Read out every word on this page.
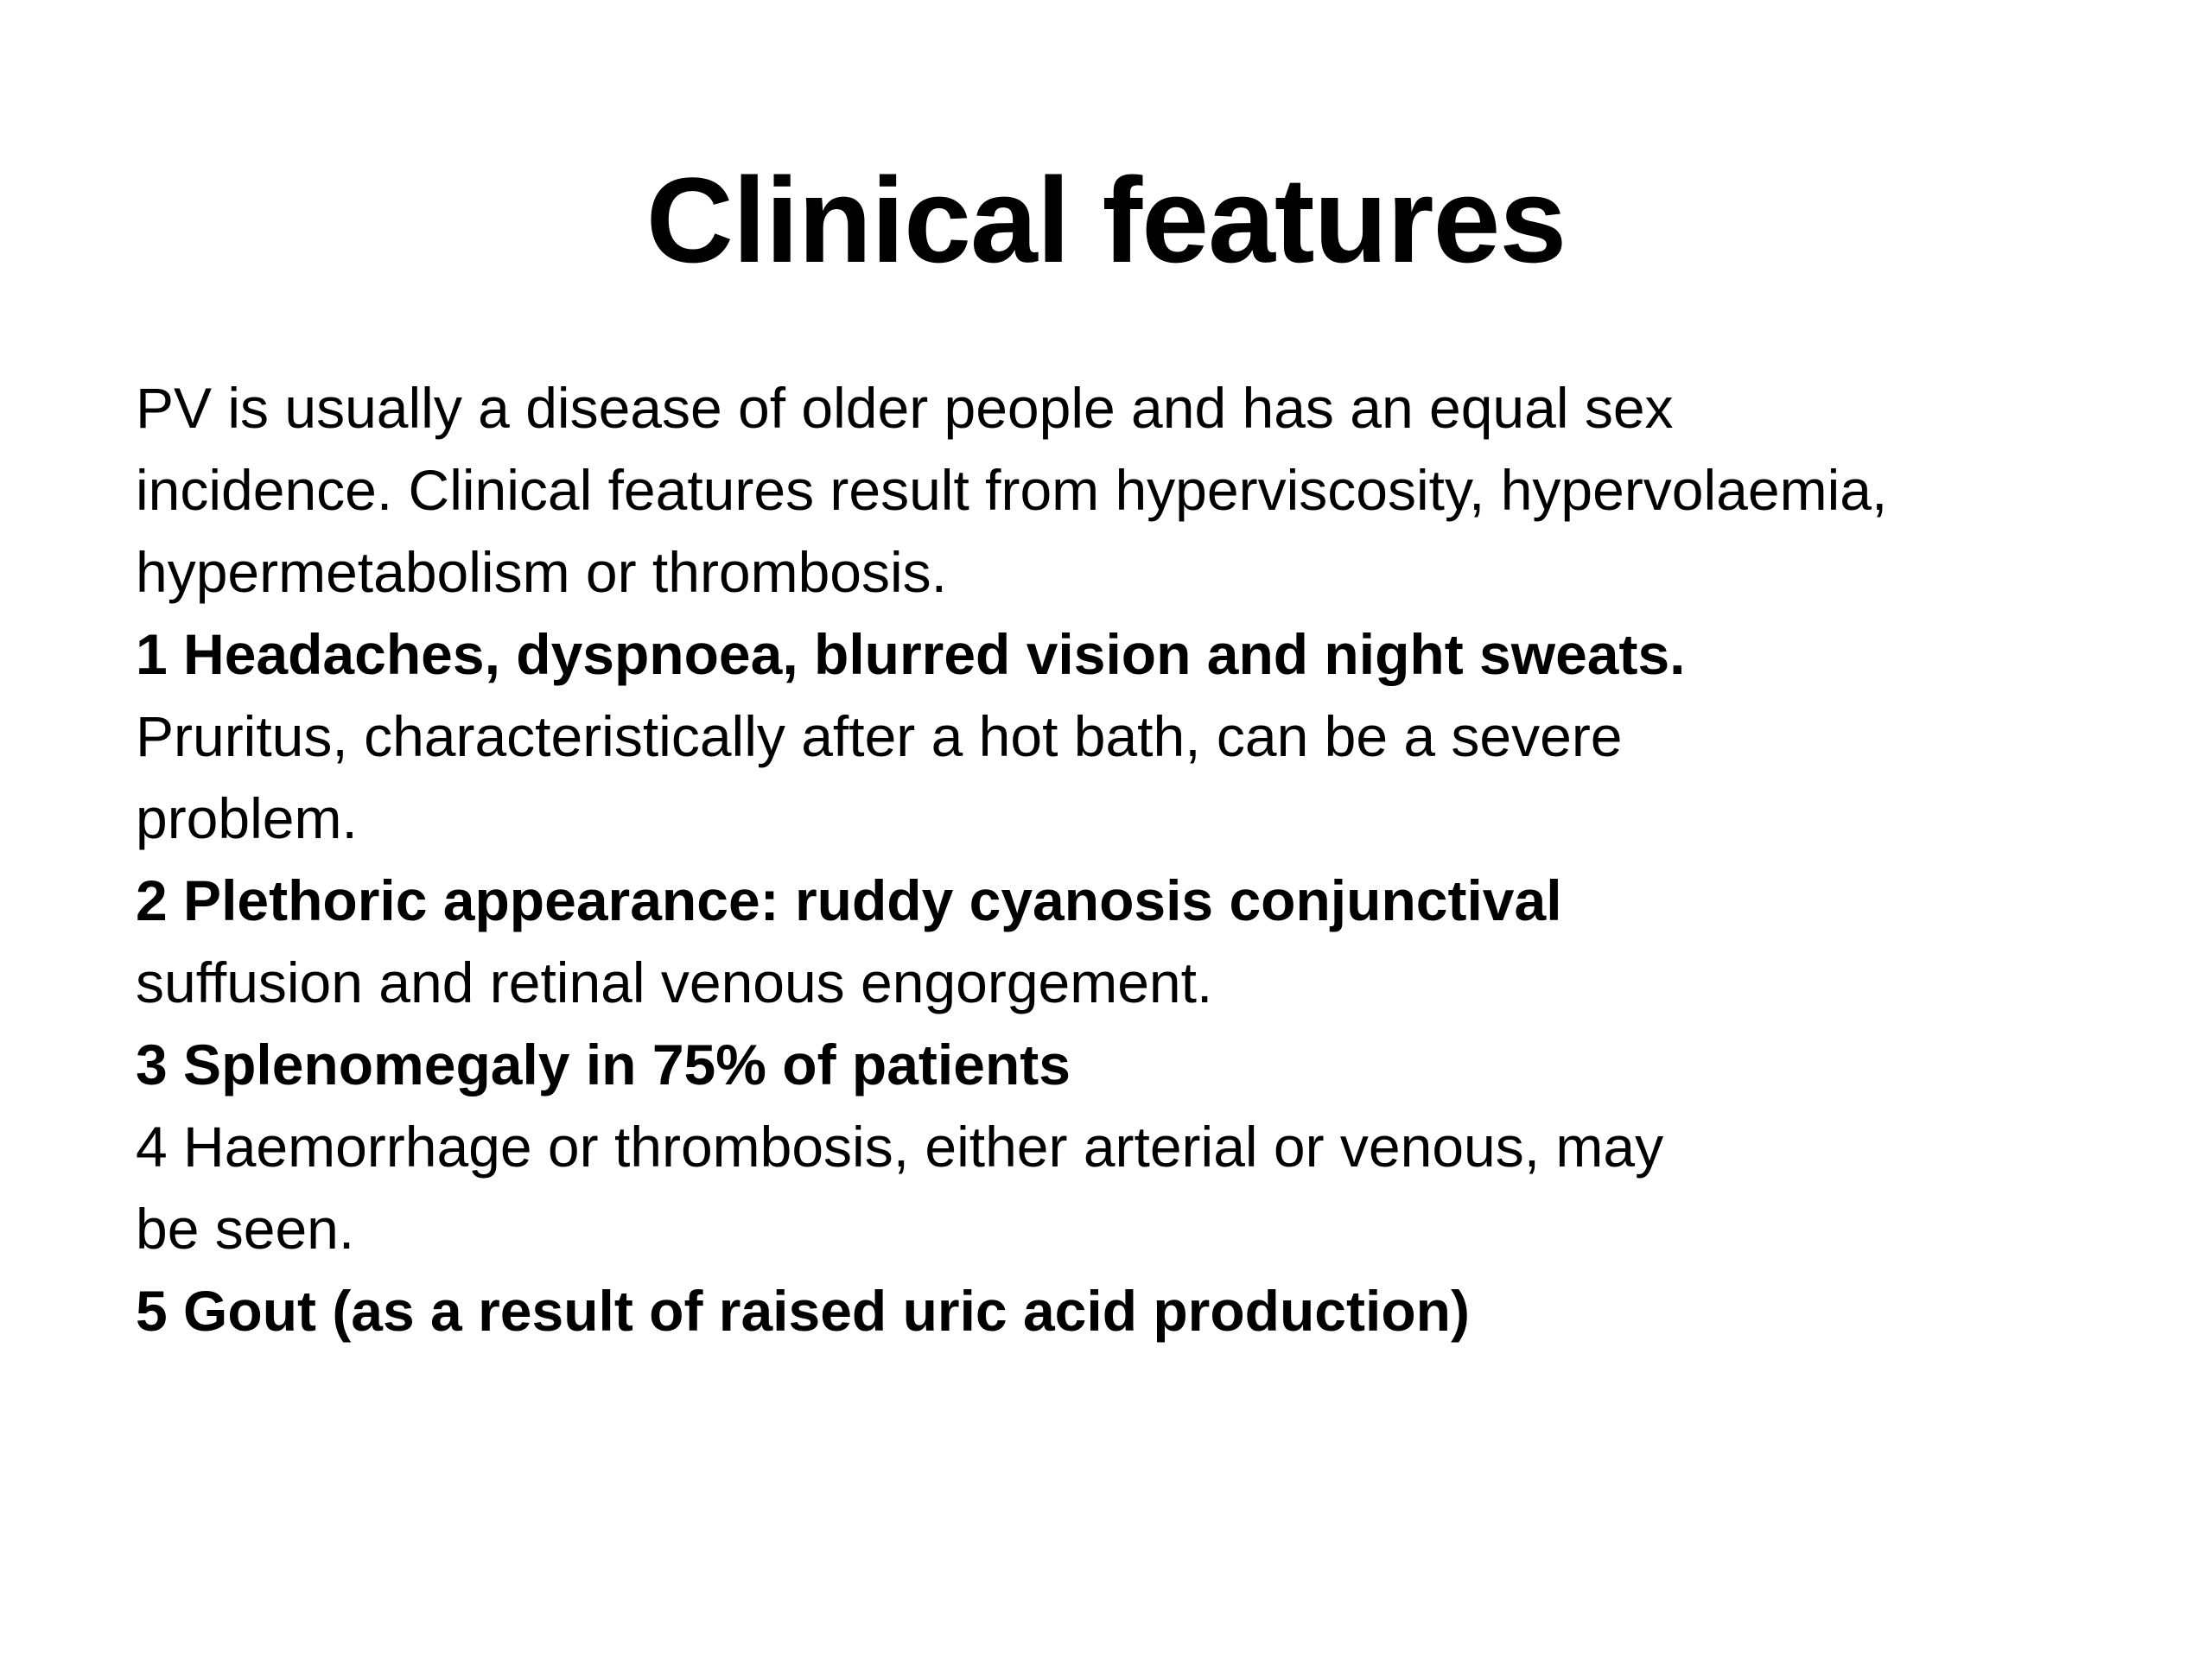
Clinical features
PV is usually a disease of older people and has an equal sex
incidence. Clinical features result from hyperviscosity, hypervolaemia,
hypermetabolism or thrombosis.
1 Headaches, dyspnoea, blurred vision and night sweats.
Pruritus, characteristically after a hot bath, can be a severe
problem.
2 Plethoric appearance: ruddy cyanosis conjunctival
suffusion and retinal venous engorgement.
3 Splenomegaly in 75% of patients
4 Haemorrhage or thrombosis, either arterial or venous, may
be seen.
5 Gout (as a result of raised uric acid production)
